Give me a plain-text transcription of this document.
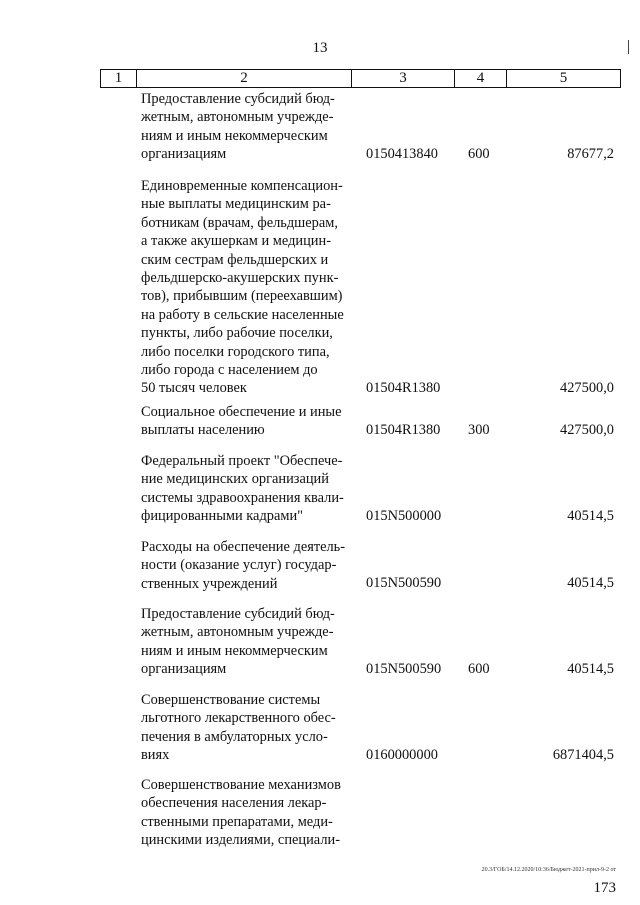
13
1	2	3	4	5
Предоставление субсидий бюд-
жетным, автономным учрежде-
ниям и иным некоммерческим
организациям	0150413840 600	87677,2
Единовременные компенсацион-
ные выплаты медицинским ра-
ботникам (врачам, фельдшерам,
а также акушеркам и медицин-
ским сестрам фельдшерских и
фельдшерско-акушерских пунк-
тов), прибывшим (переехавшим)
на работу в сельские населенные
пункты, либо рабочие поселки,
либо поселки городского типа,
либо города с населением до
50 тысяч человек	01504R1380	427500,0
Социальное обеспечение и иные
выплаты населению	01504R1380 300	427500,0
Федеральный проект "Обеспече-
ние медицинских организаций
системы здравоохранения квали-
фицированными кадрами"	015N500000	40514,5
Расходы на обеспечение деятель-
ности (оказание услуг) государ-
ственных учреждений	015N500590	40514,5
Предоставление субсидий бюд-
жетным, автономным учрежде-
ниям и иным некоммерческим
организациям	015N500590 600	40514,5
Совершенствование системы
льготного лекарственного обес-
печения в амбулаторных усло-
виях	0160000000	6871404,5
Совершенствование механизмов
обеспечения населения лекар-
ственными препаратами, меди-
цинскими изделиями, специали-
20.3/ГОБ/14.12.2020/10:36/Бюджет-2021-прил-9-2 от
173
